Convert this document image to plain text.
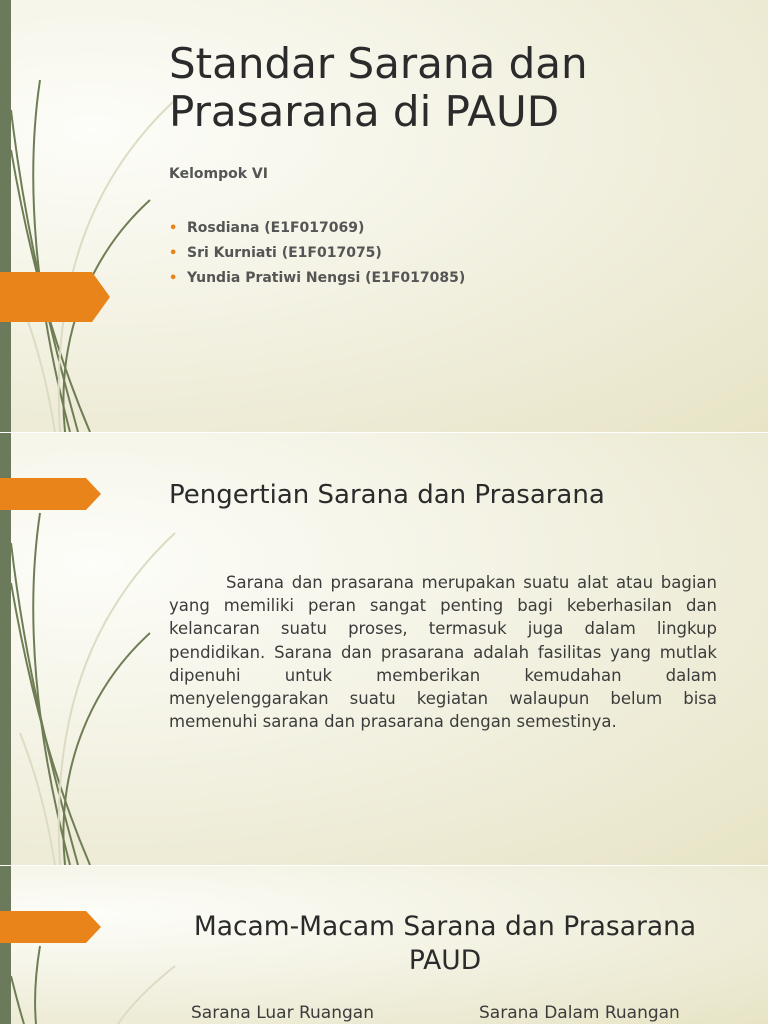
Standar Sarana dan
Prasarana di PAUD

Kelompok VI

• Rosdiana (E1F017069)
• Sri Kurniati (E1F017075)
• Yundia Pratiwi Nengsi (E1F017085)
Pengertian Sarana dan Prasarana

Sarana dan prasarana merupakan suatu alat atau bagian yang memiliki peran sangat penting bagi keberhasilan dan kelancaran suatu proses, termasuk juga dalam lingkup pendidikan. Sarana dan prasarana adalah fasilitas yang mutlak dipenuhi untuk memberikan kemudahan dalam menyelenggarakan suatu kegiatan walaupun belum bisa memenuhi sarana dan prasarana dengan semestinya.

Macam-Macam Sarana dan Prasarana
PAUD

Sarana Luar Ruangan	Sarana Dalam Ruangan
